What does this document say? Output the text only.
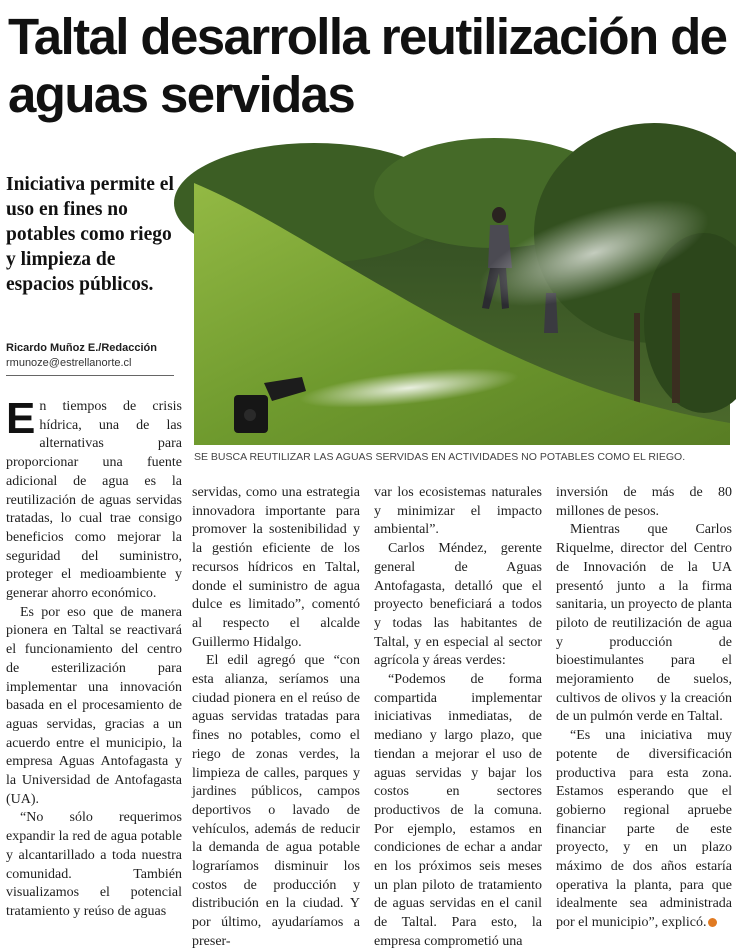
Taltal desarrolla reutilización de aguas servidas

Iniciativa permite el uso en fines no potables como riego y limpieza de espacios públicos.

Ricardo Muñoz E./Redacción
rmunoze@estrellanorte.cl
SE BUSCA REUTILIZAR LAS AGUAS SERVIDAS EN ACTIVIDADES NO POTABLES COMO EL RIEGO.
E n tiempos de crisis hídrica, una de las alternativas para proporcionar una fuente adicional de agua es la reutilización de aguas servidas tratadas, lo cual trae consigo beneficios como mejorar la seguridad del suministro, proteger el medioambiente y generar ahorro económico.

Es por eso que de manera pionera en Taltal se reactivará el funcionamiento del centro de esterilización para implementar una innovación basada en el procesamiento de aguas servidas, gracias a un acuerdo entre el municipio, la empresa Aguas Antofagasta y la Universidad de Antofagasta (UA).

“No sólo requerimos expandir la red de agua potable y alcantarillado a toda nuestra comunidad. También visualizamos el potencial tratamiento y reúso de aguas

servidas, como una estrategia innovadora importante para promover la sostenibilidad y la gestión eficiente de los recursos hídricos en Taltal, donde el suministro de agua dulce es limitado”, comentó al respecto el alcalde Guillermo Hidalgo.

El edil agregó que “con esta alianza, seríamos una ciudad pionera en el reúso de aguas servidas tratadas para fines no potables, como el riego de zonas verdes, la limpieza de calles, parques y jardines públicos, campos deportivos o lavado de vehículos, además de reducir la demanda de agua potable lograríamos disminuir los costos de producción y distribución en la ciudad. Y por último, ayudaríamos a preser-

var los ecosistemas naturales y minimizar el impacto ambiental”.

Carlos Méndez, gerente general de Aguas Antofagasta, detalló que el proyecto beneficiará a todos y todas las habitantes de Taltal, y en especial al sector agrícola y áreas verdes:

“Podemos de forma compartida implementar iniciativas inmediatas, de mediano y largo plazo, que tiendan a mejorar el uso de aguas servidas y bajar los costos en sectores productivos de la comuna. Por ejemplo, estamos en condiciones de echar a andar en los próximos seis meses un plan piloto de tratamiento de aguas servidas en el canil de Taltal. Para esto, la empresa comprometió una

inversión de más de 80 millones de pesos.

Mientras que Carlos Riquelme, director del Centro de Innovación de la UA presentó junto a la firma sanitaria, un proyecto de planta piloto de reutilización de agua y producción de bioestimulantes para el mejoramiento de suelos, cultivos de olivos y la creación de un pulmón verde en Taltal.

“Es una iniciativa muy potente de diversificación productiva para esta zona. Estamos esperando que el gobierno regional apruebe financiar parte de este proyecto, y en un plazo máximo de dos años estaría operativa la planta, para que idealmente sea administrada por el municipio”, explicó.
